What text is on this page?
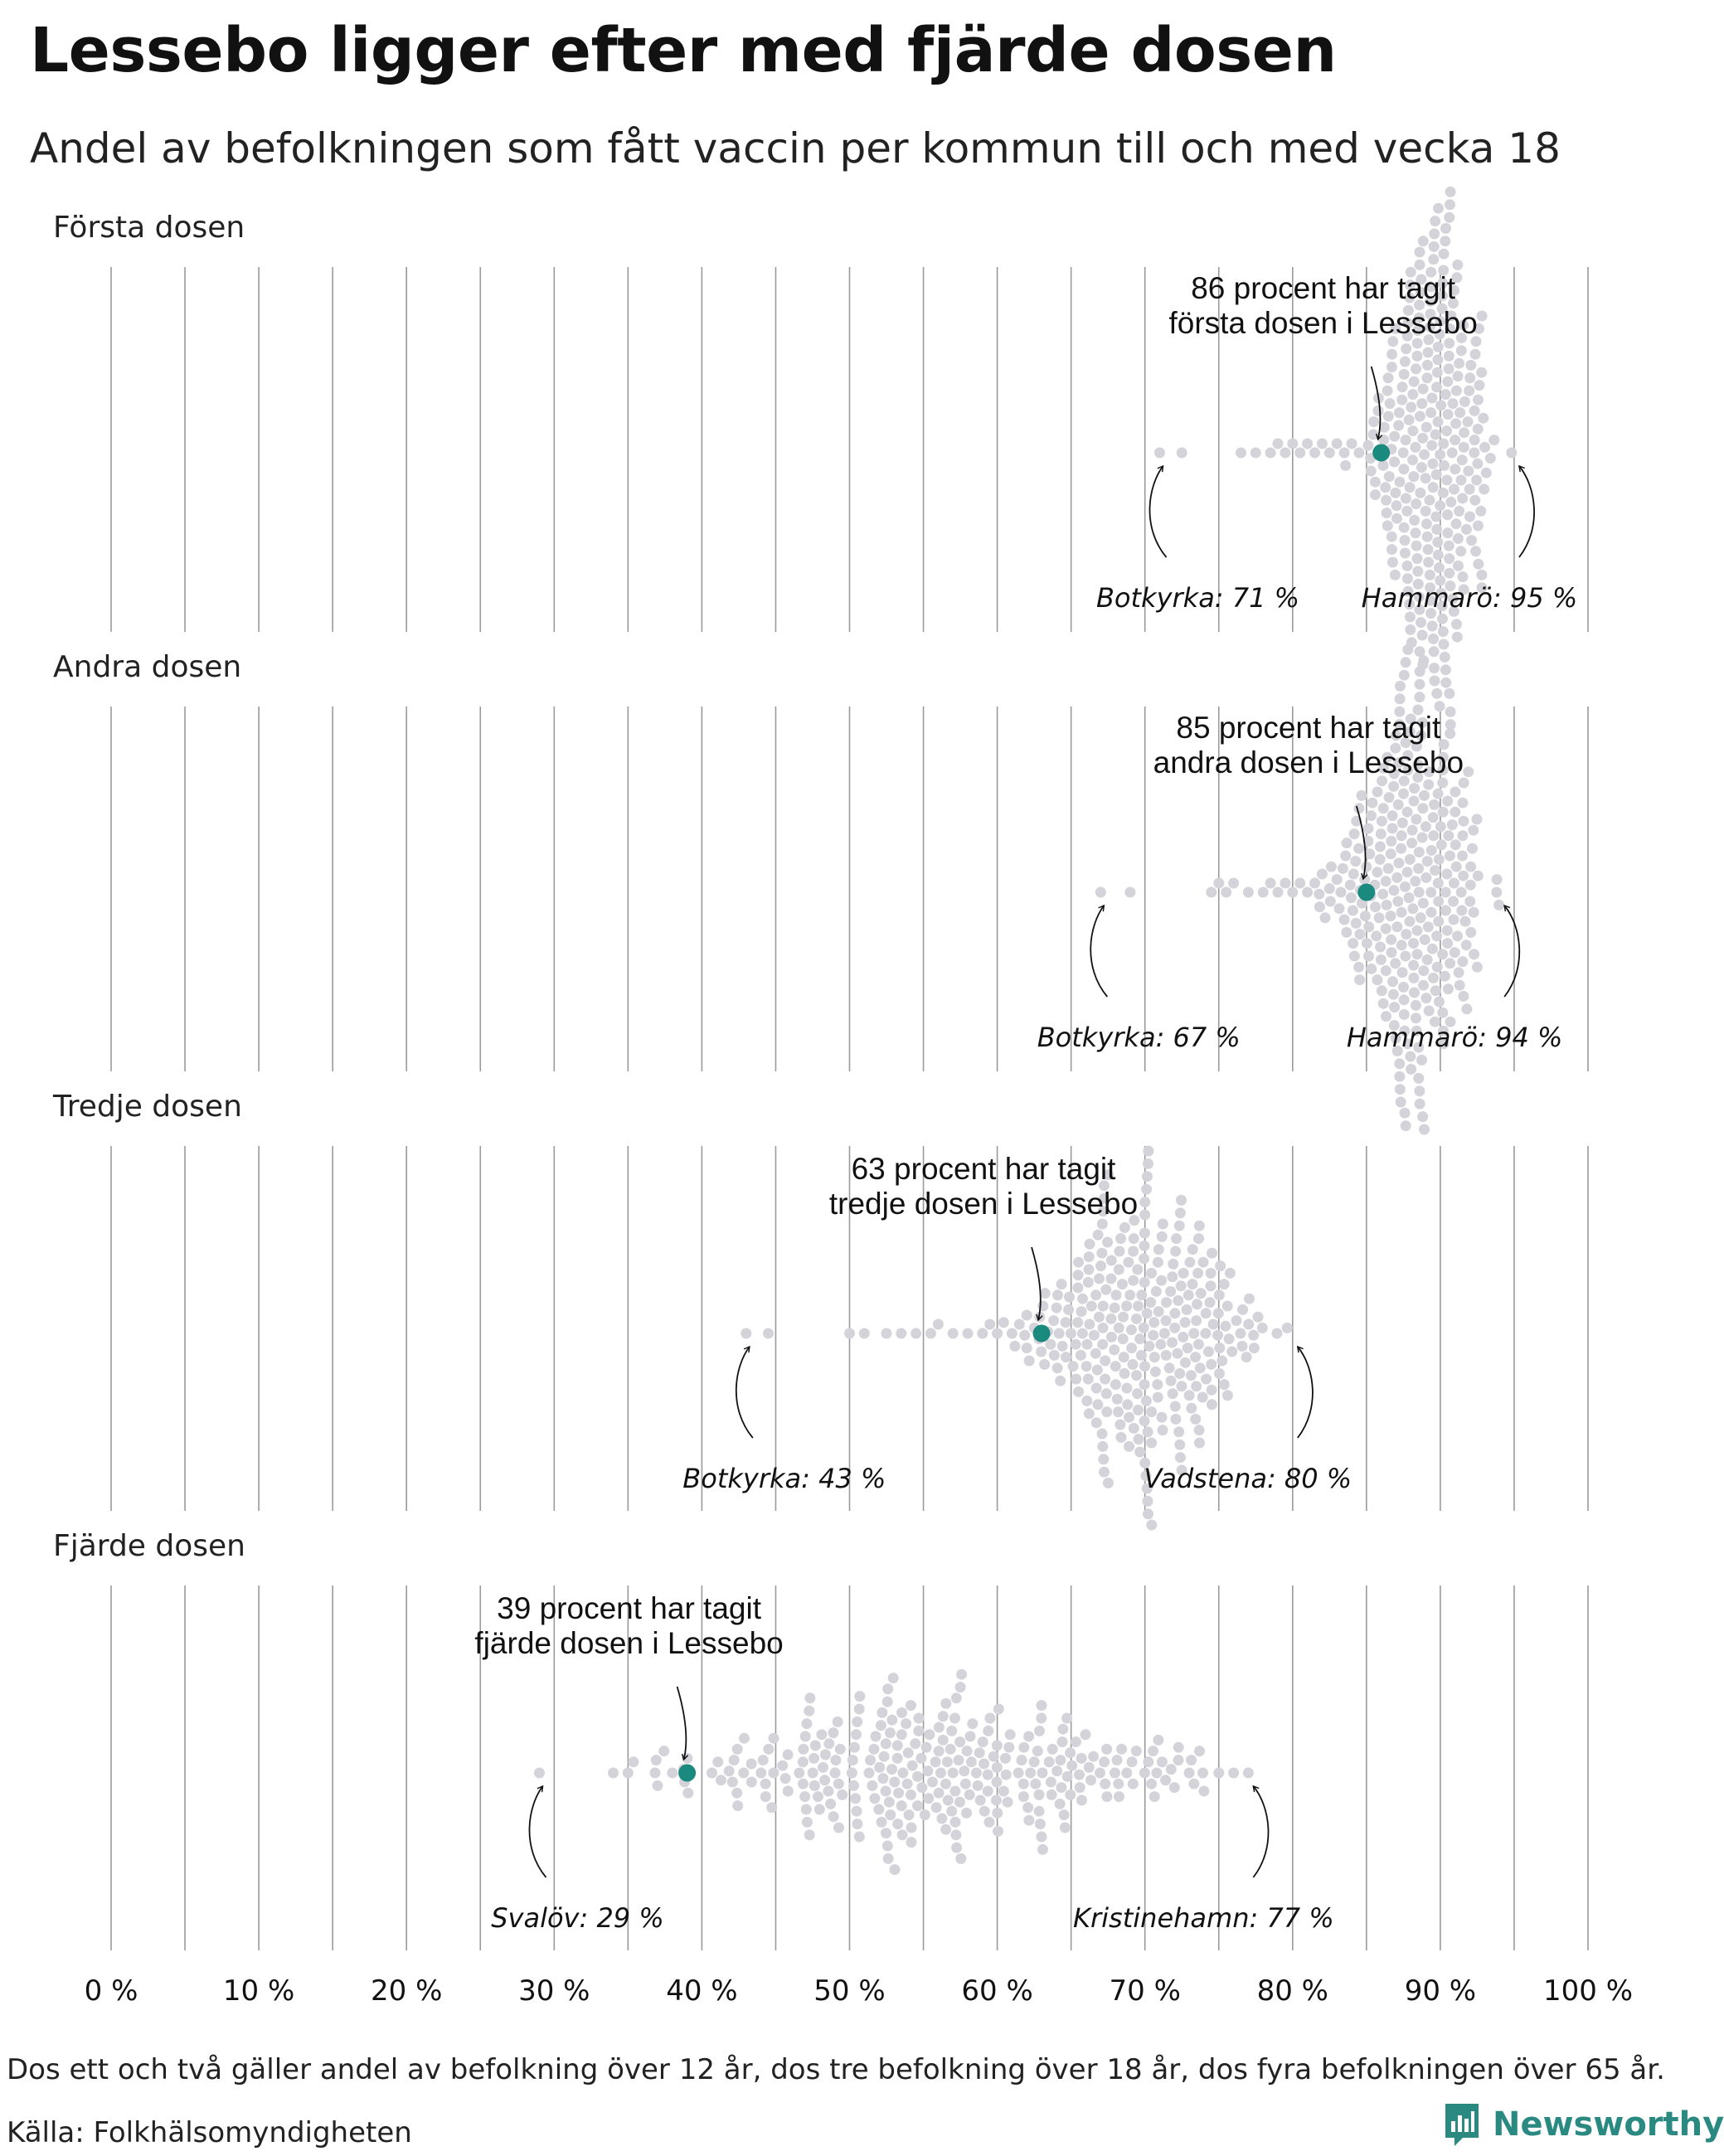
Lessebo ligger efter med fjärde dosen
Andel av befolkningen som fått vaccin per kommun till och med vecka 18
0 %	10 %	20 %	30 %	40 %	50 %	60 %	70 %	80 %	90 % 100 %
Första dosen
86 procent har tagit
första dosen i Lessebo
Botkyrka: 71 % Hammarö: 95 %
Andra dosen
85 procent har tagit
andra dosen i Lessebo
Botkyrka: 67 %	Hammarö: 94 %
Tredje dosen
63 procent har tagit
tredje dosen i Lessebo
Botkyrka: 43 %	Vadstena: 80 %
Fjärde dosen
39 procent har tagit
fjärde dosen i Lessebo
Svalöv: 29 %	Kristinehamn: 77 %
Dos ett och två gäller andel av befolkning över 12 år, dos tre befolkning över 18 år, dos fyra befolkningen över 65 år.
Källa: Folkhälsomyndigheten	Newsworthy
